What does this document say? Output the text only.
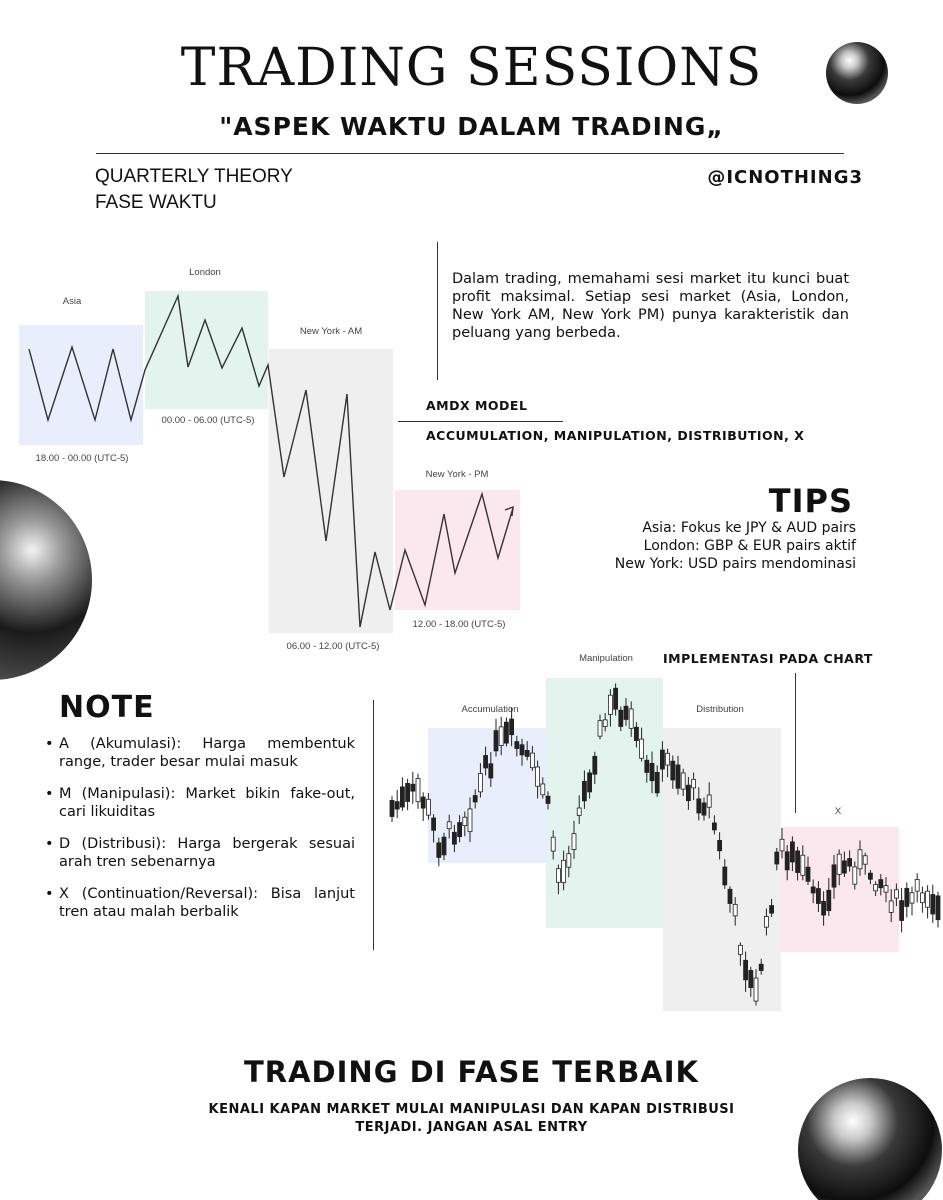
TRADING SESSIONS
"ASPEK WAKTU DALAM TRADING„
QUARTERLY THEORY
FASE WAKTU
@ICNOTHING3
Asia
London
New York - AM
New York - PM
18.00 - 00.00 (UTC-5)
00.00 - 06.00 (UTC-5)
06.00 - 12.00 (UTC-5)
12.00 - 18.00 (UTC-5)
Dalam trading, memahami sesi market itu kunci buat profit maksimal. Setiap sesi market (Asia, London, New York AM, New York PM) punya karakteristik dan peluang yang berbeda.
AMDX MODEL
ACCUMULATION, MANIPULATION, DISTRIBUTION, X
TIPS
Asia: Fokus ke JPY & AUD pairs
London: GBP & EUR pairs aktif
New York: USD pairs mendominasi
IMPLEMENTASI PADA CHART
Accumulation
Manipulation
Distribution
X
NOTE
• A (Akumulasi): Harga membentuk range, trader besar mulai masuk
• M (Manipulasi): Market bikin fake-out, cari likuiditas
• D (Distribusi): Harga bergerak sesuai arah tren sebenarnya
• X (Continuation/Reversal): Bisa lanjut tren atau malah berbalik
TRADING DI FASE TERBAIK
KENALI KAPAN MARKET MULAI MANIPULASI DAN KAPAN DISTRIBUSI
TERJADI. JANGAN ASAL ENTRY
